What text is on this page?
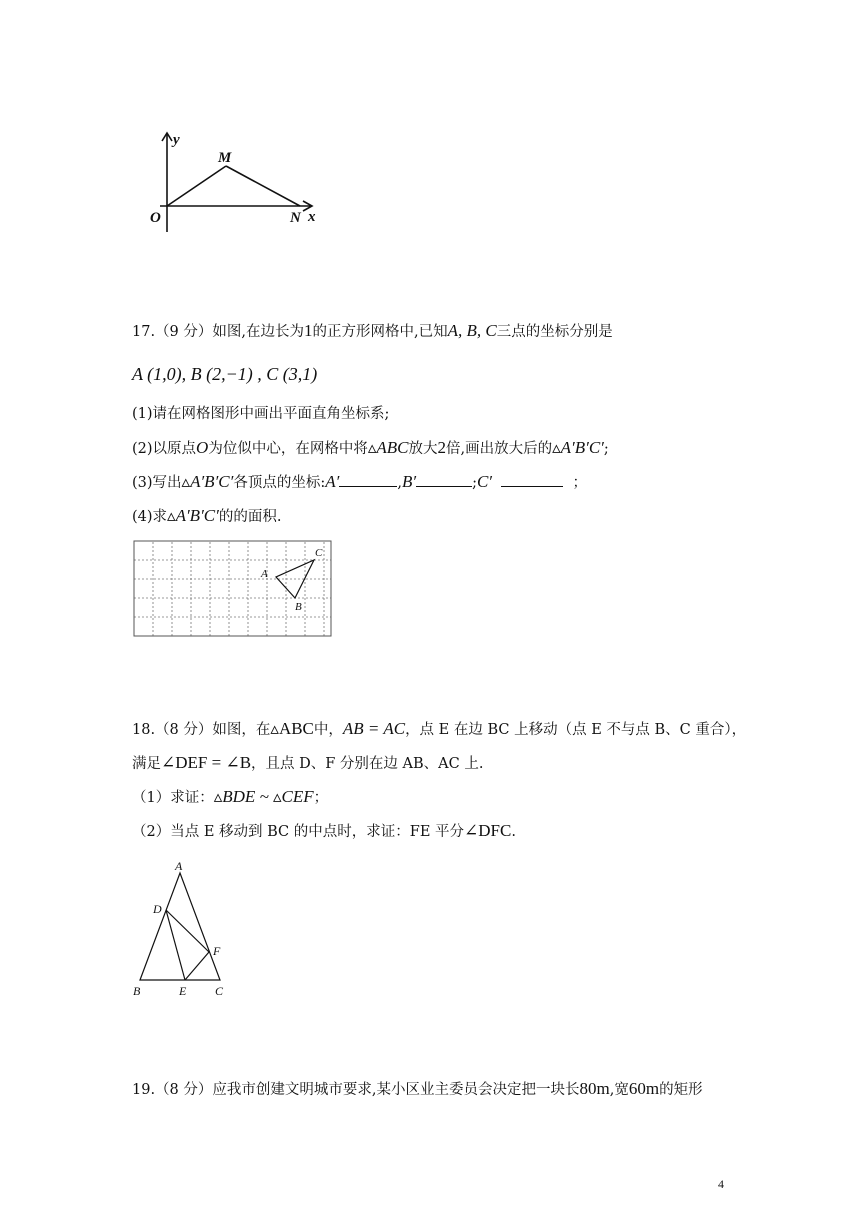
y
M
O	N x
17.（9 分）如图,在边长为1的正方形网格中,已知A, B, C三点的坐标分别是
A (1,0), B (2,−1) , C (3,1)
(1)请在网格图形中画出平面直角坐标系;
(2)以原点O为位似中心，在网格中将▵ABC放大2倍,画出放大后的▵A′B′C′;
(3)写出▵A′B′C′各顶点的坐标:A′	,B′	;C′	；
(4)求▵A′B′C′的的面积.
A
B
C
18.（8 分）如图，在▵ABC中，AB = AC，点 E 在边 BC 上移动（点 E 不与点 B、C 重合），
满足∠DEF = ∠B，且点 D、F 分别在边 AB、AC 上.
（1）求证：▵BDE ~ ▵CEF；
（2）当点 E 移动到 BC 的中点时，求证：FE 平分∠DFC.
A
D
F
B	E C
19.（8 分）应我市创建文明城市要求,某小区业主委员会决定把一块长80m,宽60m的矩形
4
